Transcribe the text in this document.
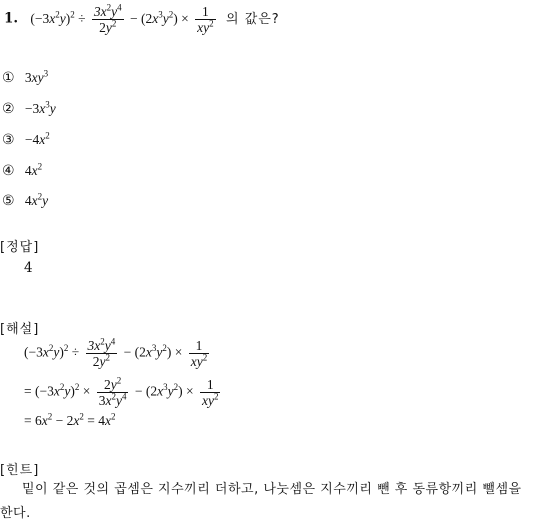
1. $(-3x^2y)^2 \div \frac{3x^2y^4}{2y^2} - (2x^3y^2) \times \frac{1}{xy^2}$ 의 값은?
① $3xy^3$
② $-3x^3y$
③ $-4x^2$
④ $4x^2$
⑤ $4x^2y$
[정답]
4
[해설]
$(-3x^2y)^2 \div \frac{3x^2y^4}{2y^2} - (2x^3y^2) \times \frac{1}{xy^2}$
= $(-3x^2y)^2 \times \frac{2y^2}{3x^2y^4} - (2x^3y^2) \times \frac{1}{xy^2}$
= $6x^2 - 2x^2 = 4x^2$
[힌트]
밑이 같은 것의 곱셈은 지수끼리 더하고, 나눗셈은 지수끼리 뺀 후 동류항끼리 뺄셈을 한다.
